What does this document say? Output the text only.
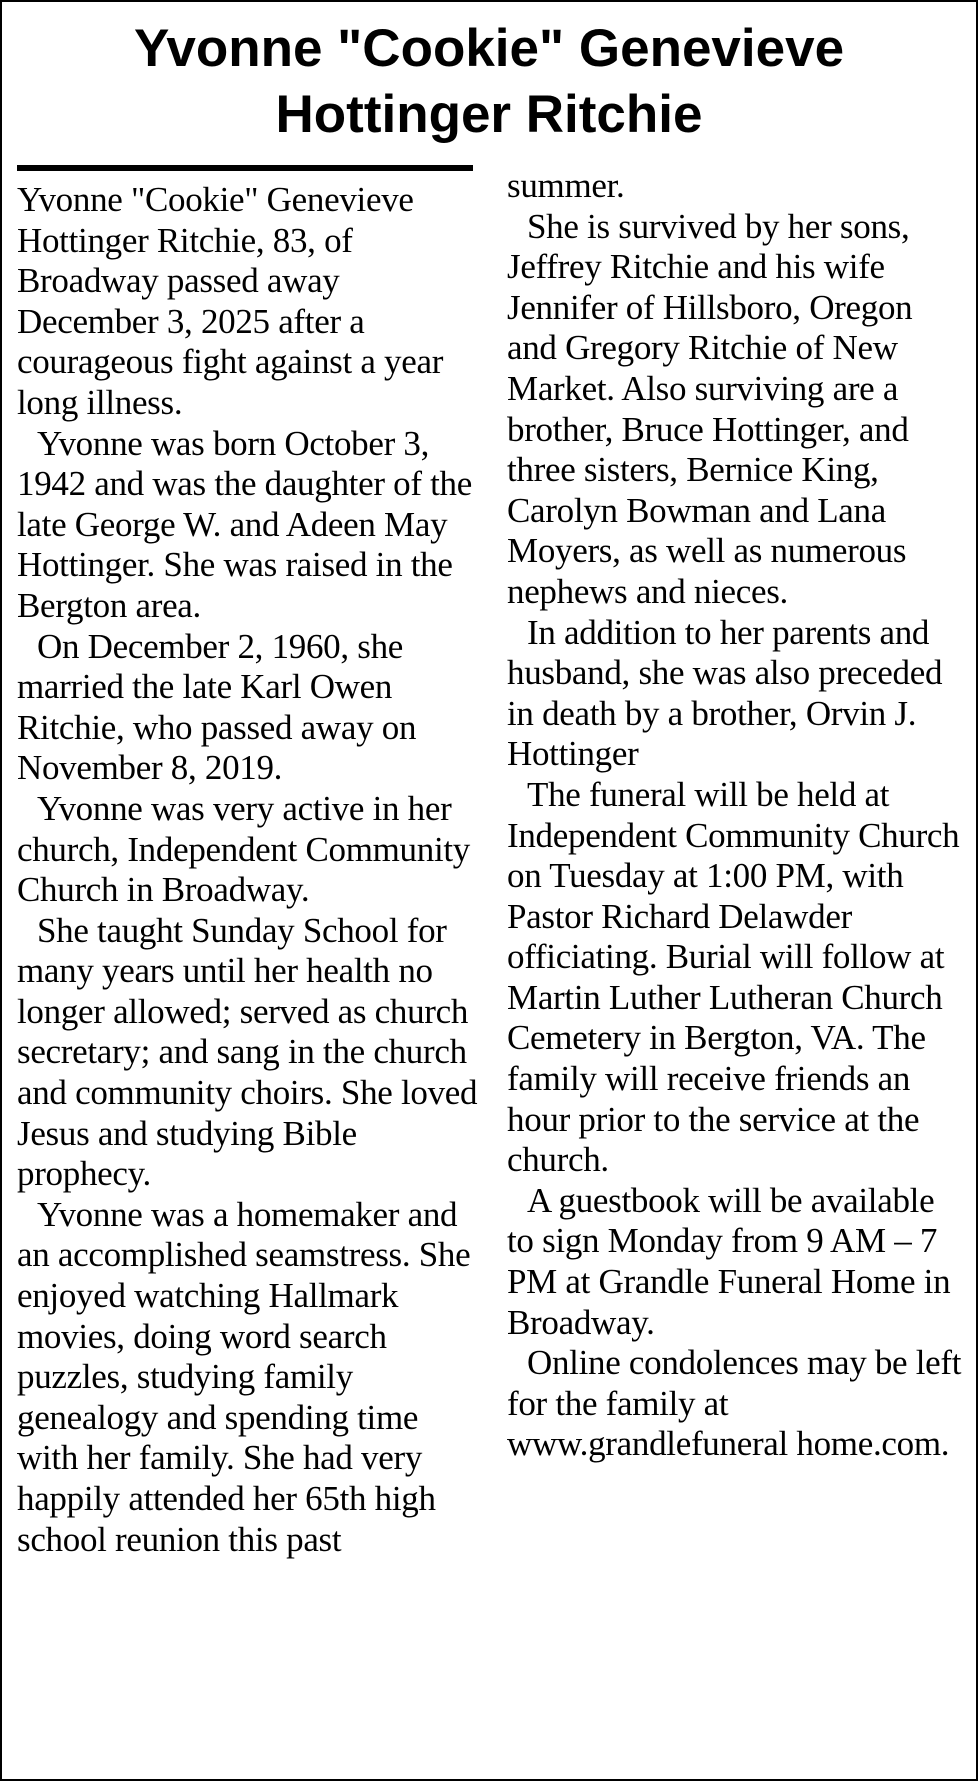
Yvonne "Cookie" Genevieve
Hottinger Ritchie

Yvonne "Cookie" Genevieve Hottinger Ritchie, 83, of Broadway passed away December 3, 2025 after a courageous fight against a year long illness.

Yvonne was born October 3, 1942 and was the daughter of the late George W. and Adeen May Hottinger. She was raised in the Bergton area.

On December 2, 1960, she married the late Karl Owen Ritchie, who passed away on November 8, 2019.

Yvonne was very active in her church, Independent Community Church in Broadway.

She taught Sunday School for many years until her health no longer allowed; served as church secretary; and sang in the church and community choirs. She loved Jesus and studying Bible prophecy.

Yvonne was a homemaker and an accomplished seamstress. She enjoyed watching Hallmark movies, doing word search puzzles, studying family genealogy and spending time with her family. She had very happily attended her 65th high school reunion this past

summer.

She is survived by her sons, Jeffrey Ritchie and his wife Jennifer of Hillsboro, Oregon and Gregory Ritchie of New Market. Also surviving are a brother, Bruce Hottinger, and three sisters, Bernice King, Carolyn Bowman and Lana Moyers, as well as numerous nephews and nieces.

In addition to her parents and husband, she was also preceded in death by a brother, Orvin J. Hottinger

The funeral will be held at Independent Community Church on Tuesday at 1:00 PM, with Pastor Richard Delawder officiating. Burial will follow at Martin Luther Lutheran Church Cemetery in Bergton, VA. The family will receive friends an hour prior to the service at the church.

A guestbook will be available to sign Monday from 9 AM – 7 PM at Grandle Funeral Home in Broadway.

Online condolences may be left for the family at www.grandlefuneral home.com.
